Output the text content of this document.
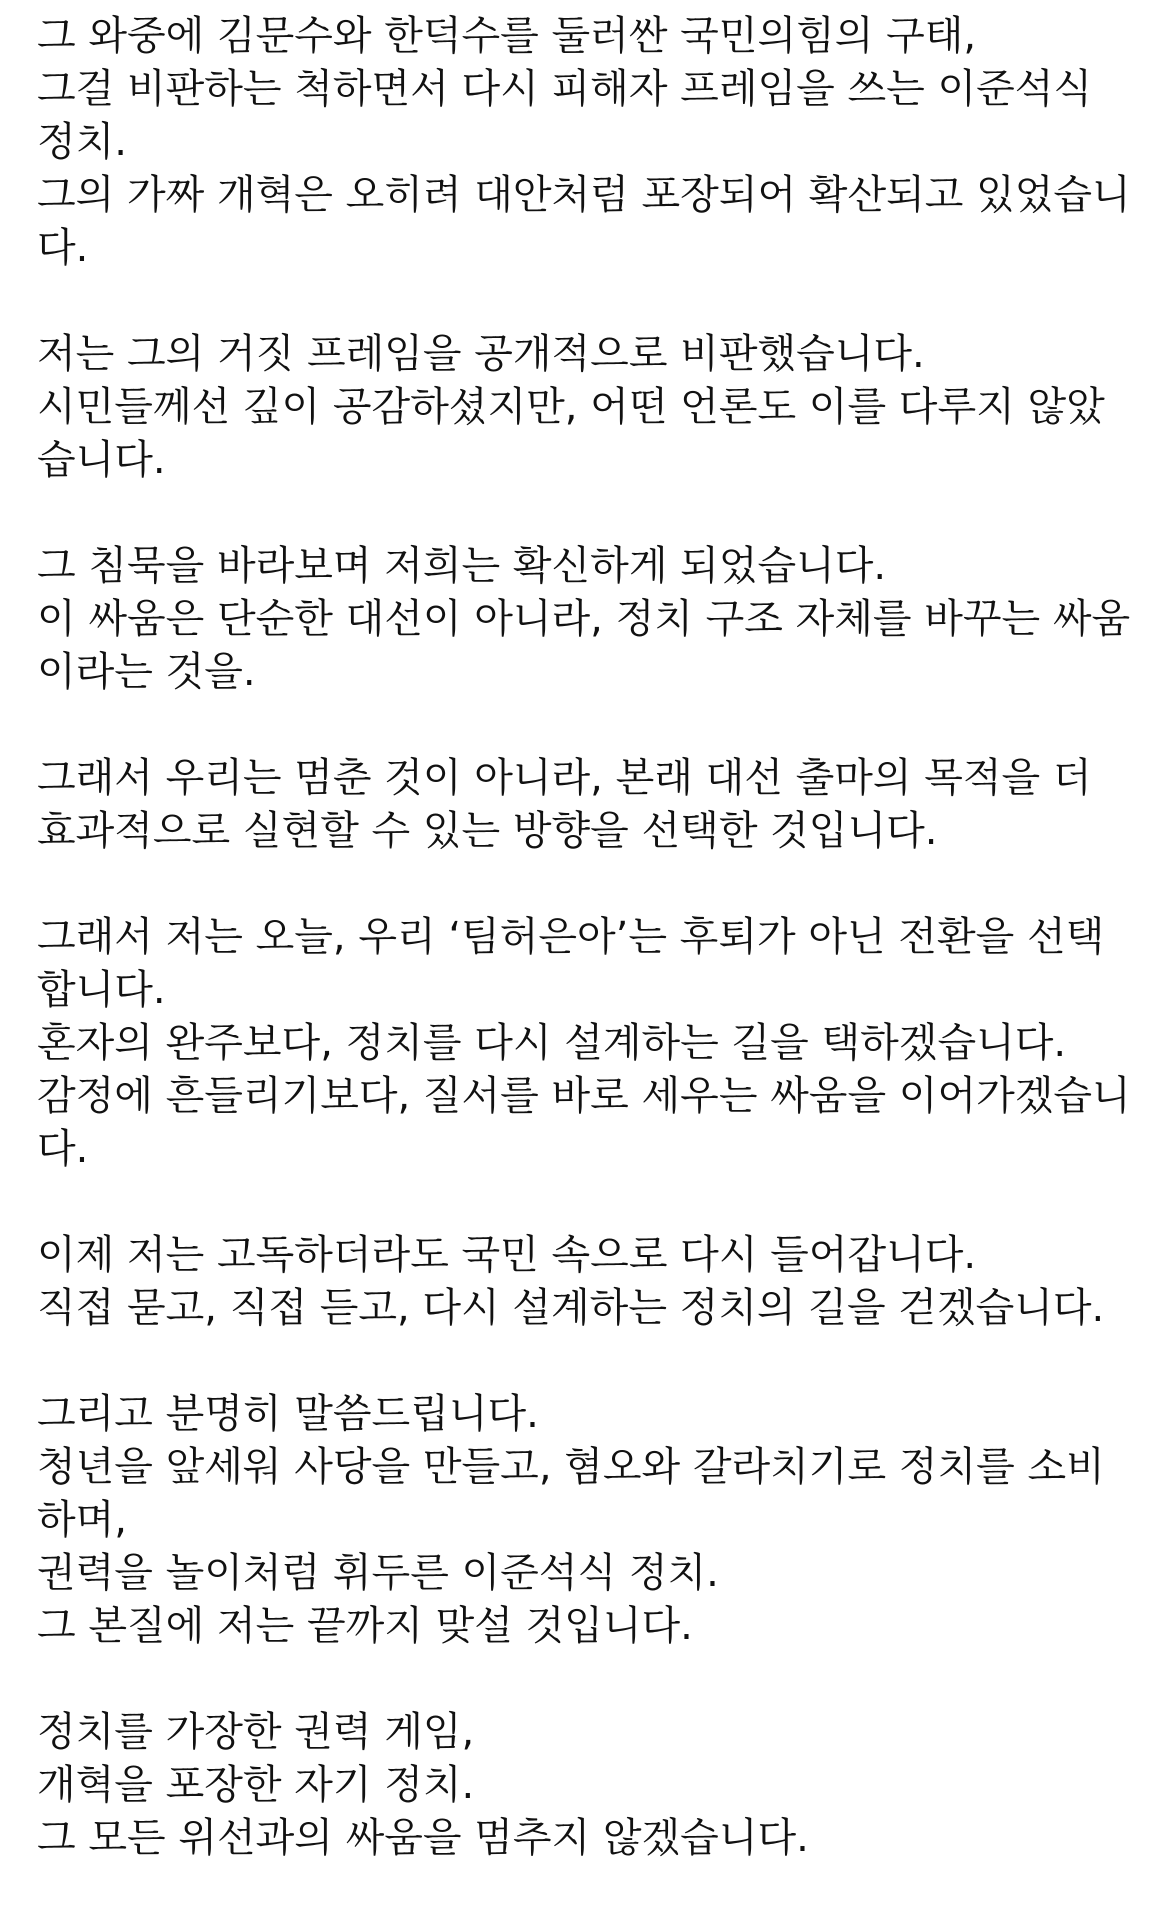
그 와중에 김문수와 한덕수를 둘러싼 국민의힘의 구태,
그걸 비판하는 척하면서 다시 피해자 프레임을 쓰는 이준석식
정치.
그의 가짜 개혁은 오히려 대안처럼 포장되어 확산되고 있었습니
다.
저는 그의 거짓 프레임을 공개적으로 비판했습니다.
시민들께선 깊이 공감하셨지만, 어떤 언론도 이를 다루지 않았
습니다.
그 침묵을 바라보며 저희는 확신하게 되었습니다.
이 싸움은 단순한 대선이 아니라, 정치 구조 자체를 바꾸는 싸움
이라는 것을.
그래서 우리는 멈춘 것이 아니라, 본래 대선 출마의 목적을 더
효과적으로 실현할 수 있는 방향을 선택한 것입니다.
그래서 저는 오늘, 우리 ‘팀허은아’는 후퇴가 아닌 전환을 선택
합니다.
혼자의 완주보다, 정치를 다시 설계하는 길을 택하겠습니다.
감정에 흔들리기보다, 질서를 바로 세우는 싸움을 이어가겠습니
다.
이제 저는 고독하더라도 국민 속으로 다시 들어갑니다.
직접 묻고, 직접 듣고, 다시 설계하는 정치의 길을 걷겠습니다.
그리고 분명히 말씀드립니다.
청년을 앞세워 사당을 만들고, 혐오와 갈라치기로 정치를 소비
하며,
권력을 놀이처럼 휘두른 이준석식 정치.
그 본질에 저는 끝까지 맞설 것입니다.
정치를 가장한 권력 게임,
개혁을 포장한 자기 정치.
그 모든 위선과의 싸움을 멈추지 않겠습니다.
